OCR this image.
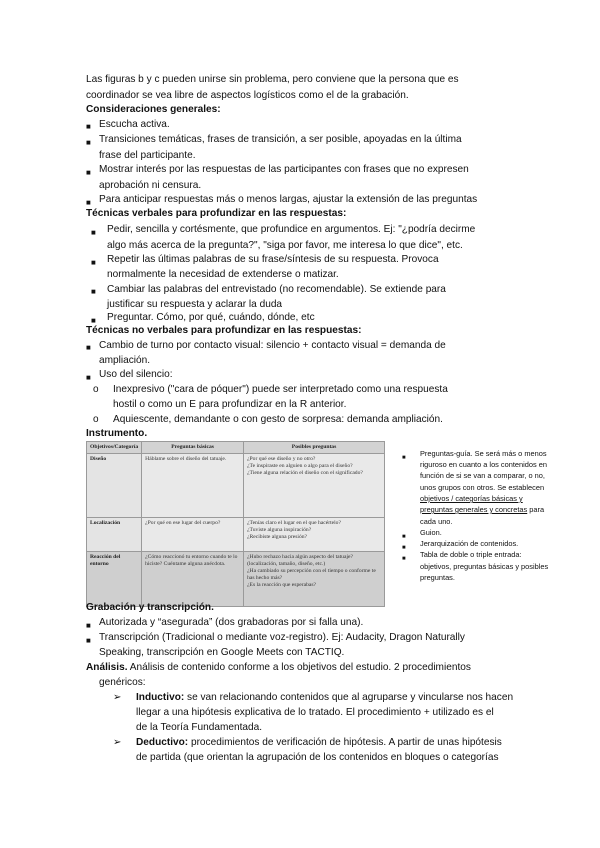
Las figuras b y c pueden unirse sin problema, pero conviene que la persona que es
coordinador se vea libre de aspectos logísticos como el de la grabación.
Consideraciones generales:
■ Escucha activa.
■ Transiciones temáticas, frases de transición, a ser posible, apoyadas en la última
frase del participante.
■ Mostrar interés por las respuestas de las participantes con frases que no expresen
aprobación ni censura.
■ Para anticipar respuestas más o menos largas, ajustar la extensión de las preguntas
Técnicas verbales para profundizar en las respuestas:
■ Pedir, sencilla y cortésmente, que profundice en argumentos. Ej: "¿podría decirme
algo más acerca de la pregunta?", "siga por favor, me interesa lo que dice", etc.
■ Repetir las últimas palabras de su frase/síntesis de su respuesta. Provoca
normalmente la necesidad de extenderse o matizar.
■ Cambiar las palabras del entrevistado (no recomendable). Se extiende para
justificar su respuesta y aclarar la duda
■ Preguntar. Cómo, por qué, cuándo, dónde, etc
Técnicas no verbales para profundizar en las respuestas:
■ Cambio de turno por contacto visual: silencio + contacto visual = demanda de
ampliación.
■ Uso del silencio:
o Inexpresivo ("cara de póquer") puede ser interpretado como una respuesta
hostil o como un E para profundizar en la R anterior.
o Aquiescente, demandante o con gesto de sorpresa: demanda ampliación.
Instrumento.
Objetivos/Categoría	Preguntas básicas	Posibles preguntas
Diseño	Háblame sobre el diseño del tatuaje.	¿Por qué ese diseño y no otro?
¿Te inspiraste en alguien o algo para el diseño?
¿Tiene alguna relación el diseño con el significado?
Localización	¿Por qué en ese lugar del cuerpo?	¿Tenías claro el lugar en el que hacértelo?
¿Tuviste alguna inspiración?
¿Recibiste alguna presión?
Reacción del entorno	¿Cómo reaccionó tu entorno cuando te lo hiciste? Cuéntame alguna anécdota.	¿Hubo rechazo hacia algún aspecto del tatuaje? (localización, tamaño, diseño, etc.)
¿Ha cambiado su percepción con el tiempo o conforme te has hecho más?
¿Es la reacción que esperabas?
■ Preguntas-guía. Se será más o menos
riguroso en cuanto a los contenidos en
función de si se van a comparar, o no,
unos grupos con otros. Se establecen
objetivos / categorías básicas y
preguntas generales y concretas para
cada uno.
■ Guion.
■ Jerarquización de contenidos.
■ Tabla de doble o triple entrada:
objetivos, preguntas básicas y posibles
preguntas.
Grabación y transcripción.
■ Autorizada y “asegurada” (dos grabadoras por si falla una).
■ Transcripción (Tradicional o mediante voz-registro). Ej: Audacity, Dragon Naturally
Speaking, transcripción en Google Meets con TACTIQ.
Análisis. Análisis de contenido conforme a los objetivos del estudio. 2 procedimientos
genéricos:
➢ Inductivo: se van relacionando contenidos que al agruparse y vincularse nos hacen
llegar a una hipótesis explicativa de lo tratado. El procedimiento + utilizado es el
de la Teoría Fundamentada.
➢ Deductivo: procedimientos de verificación de hipótesis. A partir de unas hipótesis
de partida (que orientan la agrupación de los contenidos en bloques o categorías
